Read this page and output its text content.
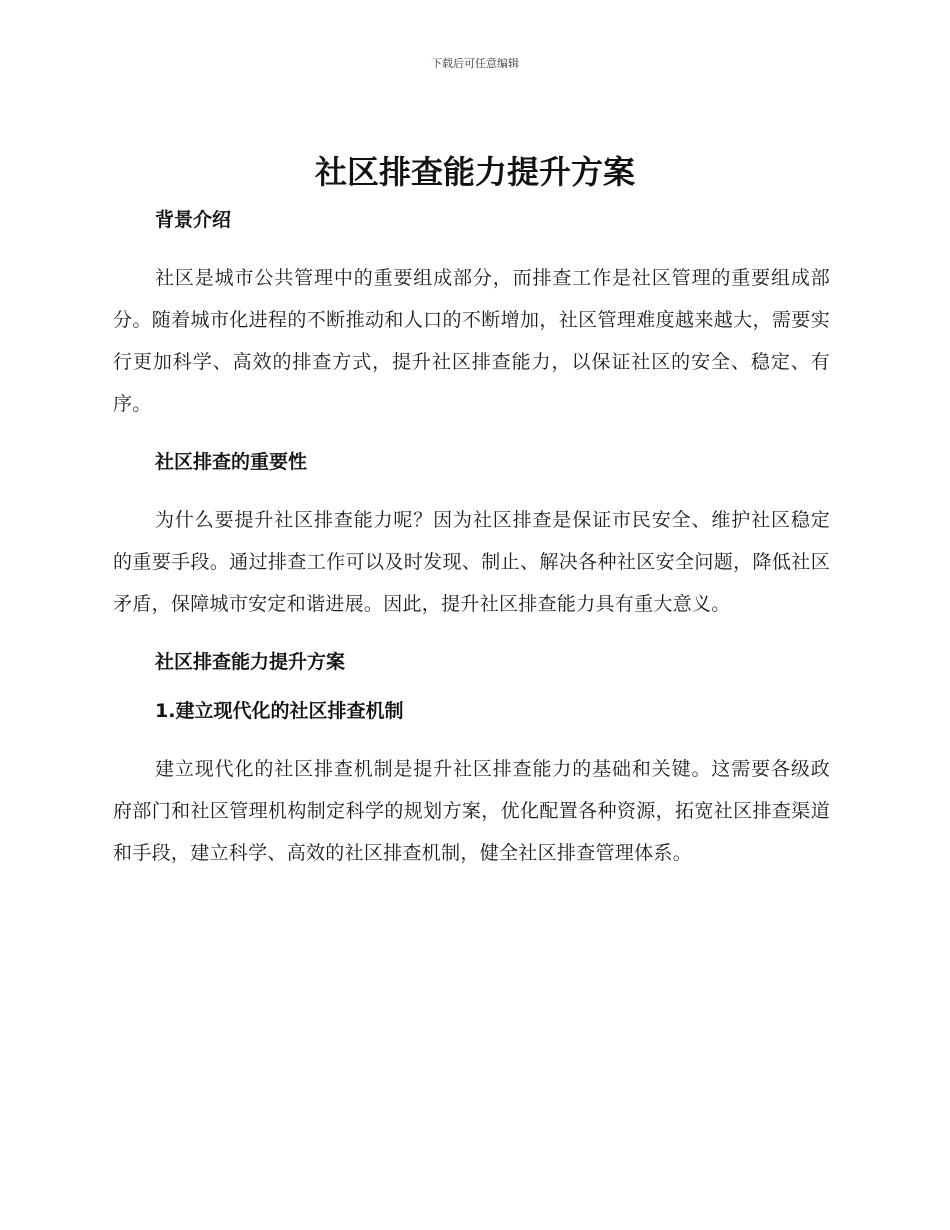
下载后可任意编辑
社区排查能力提升方案
背景介绍

社区是城市公共管理中的重要组成部分，而排查工作是社区管理的重要组成部分。随着城市化进程的不断推动和人口的不断增加，社区管理难度越来越大，需要实行更加科学、高效的排查方式，提升社区排查能力，以保证社区的安全、稳定、有序。

社区排查的重要性

为什么要提升社区排查能力呢？因为社区排查是保证市民安全、维护社区稳定的重要手段。通过排查工作可以及时发现、制止、解决各种社区安全问题，降低社区矛盾，保障城市安定和谐进展。因此，提升社区排查能力具有重大意义。

社区排查能力提升方案
1.建立现代化的社区排查机制

建立现代化的社区排查机制是提升社区排查能力的基础和关键。这需要各级政府部门和社区管理机构制定科学的规划方案，优化配置各种资源，拓宽社区排查渠道和手段，建立科学、高效的社区排查机制，健全社区排查管理体系。
